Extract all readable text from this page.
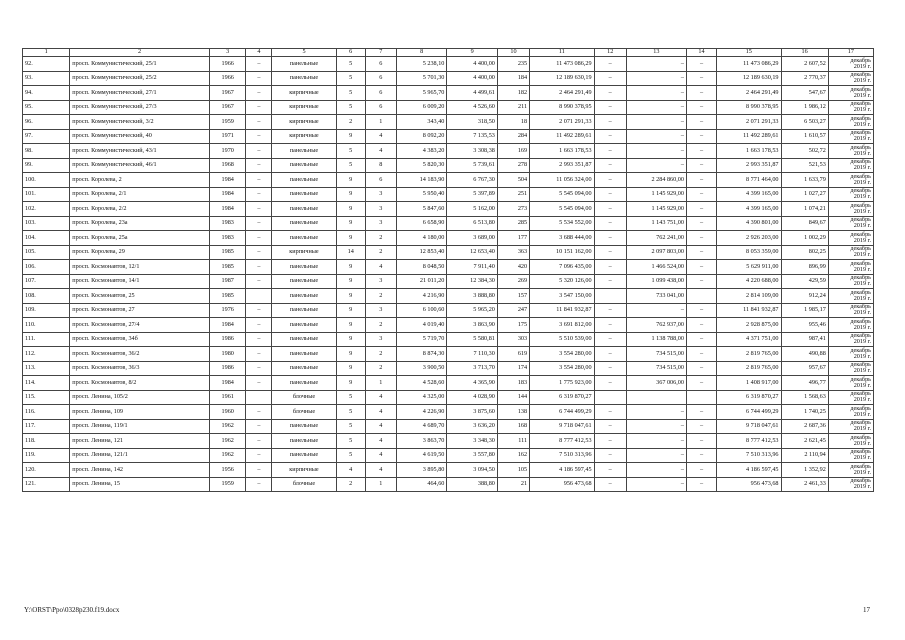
1	2	3	4	5	6	7	8	9	10	11	12	13	14	15	16	17
92.	просп. Коммунистический, 25/1	1966	–	панельные	5	6	5 238,10	4 400,00	235	11 473 086,29	–	–	–	11 473 086,29	2 607,52	декабрь
2019 г.

93.	просп. Коммунистический, 25/2	1966	–	панельные	5	6	5 701,30	4 400,00	184	12 189 630,19	–	–	–	12 189 630,19	2 770,37	декабрь
2019 г.

94.	просп. Коммунистический, 27/1	1967	–	кирпичные	5	6	5 965,70	4 499,61	182	2 464 291,49	–	–	–	2 464 291,49	547,67	декабрь
2019 г.

95.	просп. Коммунистический, 27/3	1967	–	кирпичные	5	6	6 009,20	4 526,60	211	8 990 378,95	–	–	–	8 990 378,95	1 986,12	декабрь
2019 г.

96.	просп. Коммунистический, 3/2	1959	–	кирпичные	2	1	343,40	318,50	18	2 071 291,33	–	–	–	2 071 291,33	6 503,27	декабрь
2019 г.

97.	просп. Коммунистический, 40	1971	–	кирпичные	9	4	8 092,20	7 135,53	284	11 492 289,61	–	–	–	11 492 289,61	1 610,57	декабрь
2019 г.

98.	просп. Коммунистический, 43/1	1970	–	панельные	5	4	4 383,20	3 308,38	169	1 663 178,53	–	–	–	1 663 178,53	502,72	декабрь
2019 г.

99.	просп. Коммунистический, 46/1	1968	–	панельные	5	8	5 820,30	5 739,61	278	2 993 351,87	–	–	–	2 993 351,87	521,53	декабрь
2019 г.

100.	просп. Королева, 2	1984	–	панельные	9	6	14 183,90	6 767,30	504	11 056 324,00	–	2 284 860,00	–	8 771 464,00	1 633,79	декабрь
2019 г.

101.	просп. Королева, 2/1	1984	–	панельные	9	3	5 950,40	5 397,89	251	5 545 094,00	–	1 145 929,00	–	4 399 165,00	1 027,27	декабрь
2019 г.

102.	просп. Королева, 2/2	1984	–	панельные	9	3	5 847,60	5 162,00	273	5 545 094,00	–	1 145 929,00	–	4 399 165,00	1 074,21	декабрь
2019 г.

103.	просп. Королева, 23а	1983	–	панельные	9	3	6 658,90	6 513,80	285	5 534 552,00	–	1 143 751,00	–	4 390 801,00	849,67	декабрь
2019 г.

104.	просп. Королева, 25а	1983	–	панельные	9	2	4 180,00	3 689,00	177	3 688 444,00	–	762 241,00	–	2 926 203,00	1 002,29	декабрь
2019 г.

105.	просп. Королева, 29	1985	–	кирпичные	14	2	12 853,40	12 653,40	363	10 151 162,00	–	2 097 803,00	–	8 053 359,00	802,25	декабрь
2019 г.

106.	просп. Космонавтов, 12/1	1985	–	панельные	9	4	8 048,50	7 911,40	420	7 096 435,00	–	1 466 524,00	–	5 629 911,00	896,99	декабрь
2019 г.

107.	просп. Космонавтов, 14/1	1987	–	панельные	9	3	21 011,20	12 384,30	269	5 320 126,00	–	1 099 438,00	–	4 220 688,00	429,59	декабрь
2019 г.

108.	просп. Космонавтов, 25	1985		панельные	9	2	4 216,90	3 888,80	157	3 547 150,00		733 041,00		2 814 109,00	912,24	декабрь
2019 г.

109.	просп. Космонавтов, 27	1976	–	панельные	9	3	6 100,60	5 965,20	247	11 841 932,87	–	–	–	11 841 932,87	1 985,17	декабрь
2019 г.

110.	просп. Космонавтов, 27/4	1984	–	панельные	9	2	4 019,40	3 863,90	175	3 691 812,00	–	762 937,00	–	2 928 875,00	955,46	декабрь
2019 г.

111.	просп. Космонавтов, 34б	1986	–	панельные	9	3	5 719,70	5 580,81	303	5 510 539,00	–	1 138 788,00	–	4 371 751,00	987,41	декабрь
2019 г.

112.	просп. Космонавтов, 36/2	1980	–	панельные	9	2	8 874,30	7 110,30	619	3 554 280,00	–	734 515,00	–	2 819 765,00	490,88	декабрь
2019 г.

113.	просп. Космонавтов, 36/3	1986	–	панельные	9	2	3 900,50	3 713,70	174	3 554 280,00	–	734 515,00	–	2 819 765,00	957,67	декабрь
2019 г.

114.	просп. Космонавтов, 8/2	1984	–	панельные	9	1	4 528,60	4 365,90	183	1 775 923,00	–	367 006,00	–	1 408 917,00	496,77	декабрь
2019 г.

115.	просп. Ленина, 105/2	1961		блочные	5	4	4 325,00	4 028,90	144	6 319 870,27				6 319 870,27	1 568,63	декабрь
2019 г.

116.	просп. Ленина, 109	1960	–	блочные	5	4	4 226,90	3 875,60	138	6 744 499,29	–	–	–	6 744 499,29	1 740,25	декабрь
2019 г.

117.	просп. Ленина, 119/1	1962	–	панельные	5	4	4 689,70	3 636,20	168	9 718 047,61	–	–	–	9 718 047,61	2 687,36	декабрь
2019 г.

118.	просп. Ленина, 121	1962	–	панельные	5	4	3 863,70	3 348,30	111	8 777 412,53	–	–	–	8 777 412,53	2 621,45	декабрь
2019 г.

119.	просп. Ленина, 121/1	1962	–	панельные	5	4	4 619,50	3 557,80	162	7 510 313,96	–	–	–	7 510 313,96	2 110,94	декабрь
2019 г.

120.	просп. Ленина, 142	1956	–	кирпичные	4	4	3 895,80	3 094,50	105	4 186 597,45	–	–	–	4 186 597,45	1 352,92	декабрь
2019 г.

121.	просп. Ленина, 15	1959	–	блочные	2	1	464,60	388,80	21	956 473,68	–	–	–	956 473,68	2 461,33	декабрь
2019 г.
Y:\ORST\Ppo\0328p230.f19.docx	17
